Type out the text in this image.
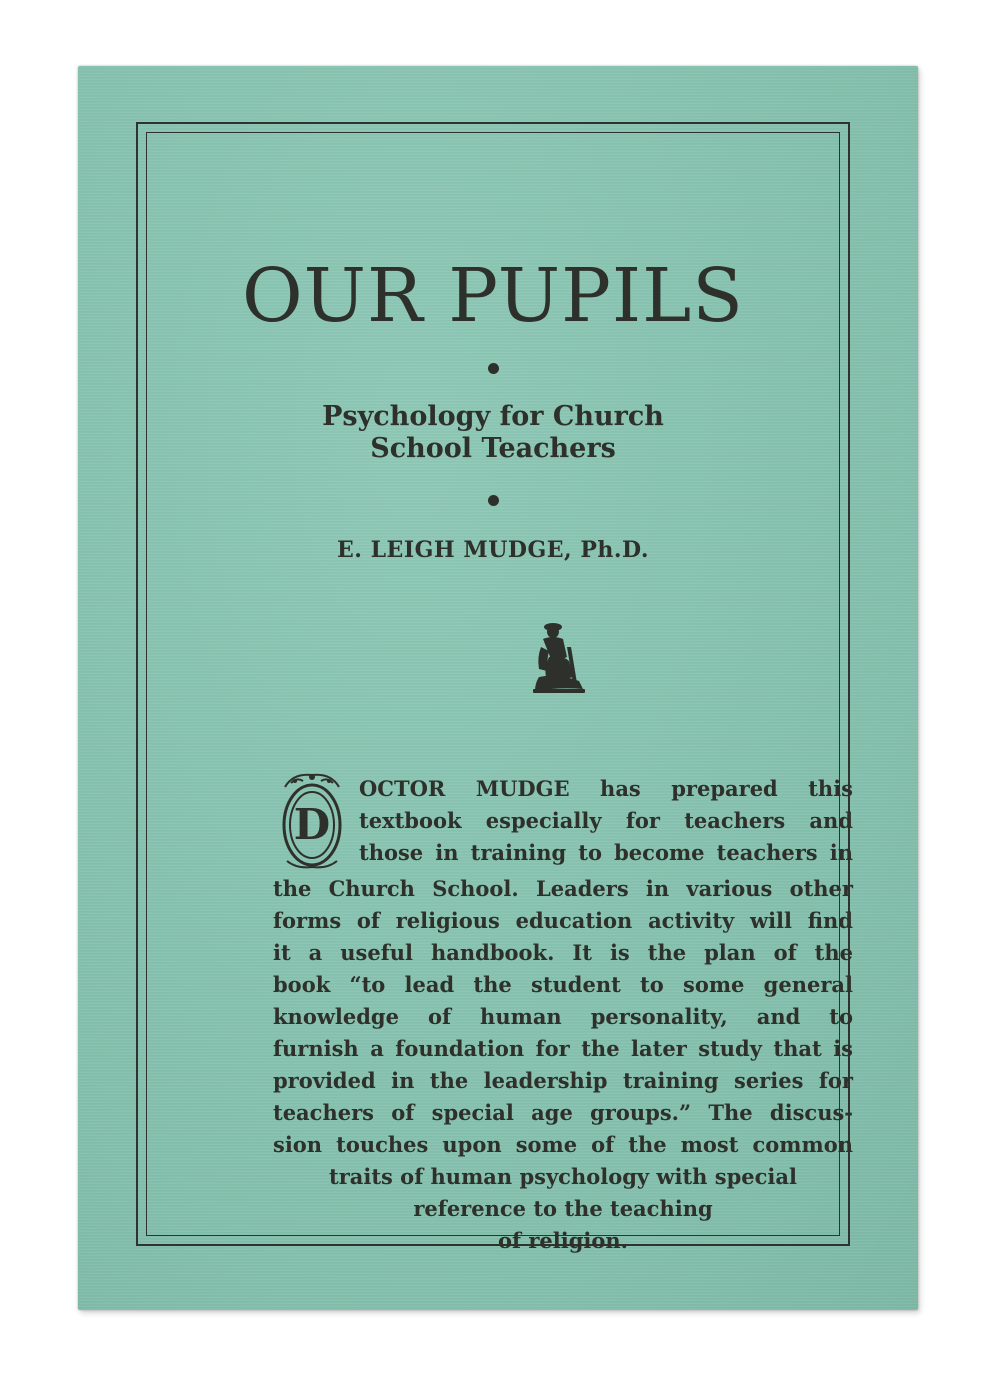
OUR PUPILS
Psychology for Church
School Teachers
E. LEIGH MUDGE, Ph.D.
D
OCTOR MUDGE has prepared this
textbook especially for teachers and
those in training to become teachers in
the Church School. Leaders in various other
forms of religious education activity will find
it a useful handbook. It is the plan of the
book “to lead the student to some general
knowledge of human personality, and to
furnish a foundation for the later study that is
provided in the leadership training series for
teachers of special age groups.” The discus-
sion touches upon some of the most common
traits of human psychology with special
reference to the teaching
of religion.
